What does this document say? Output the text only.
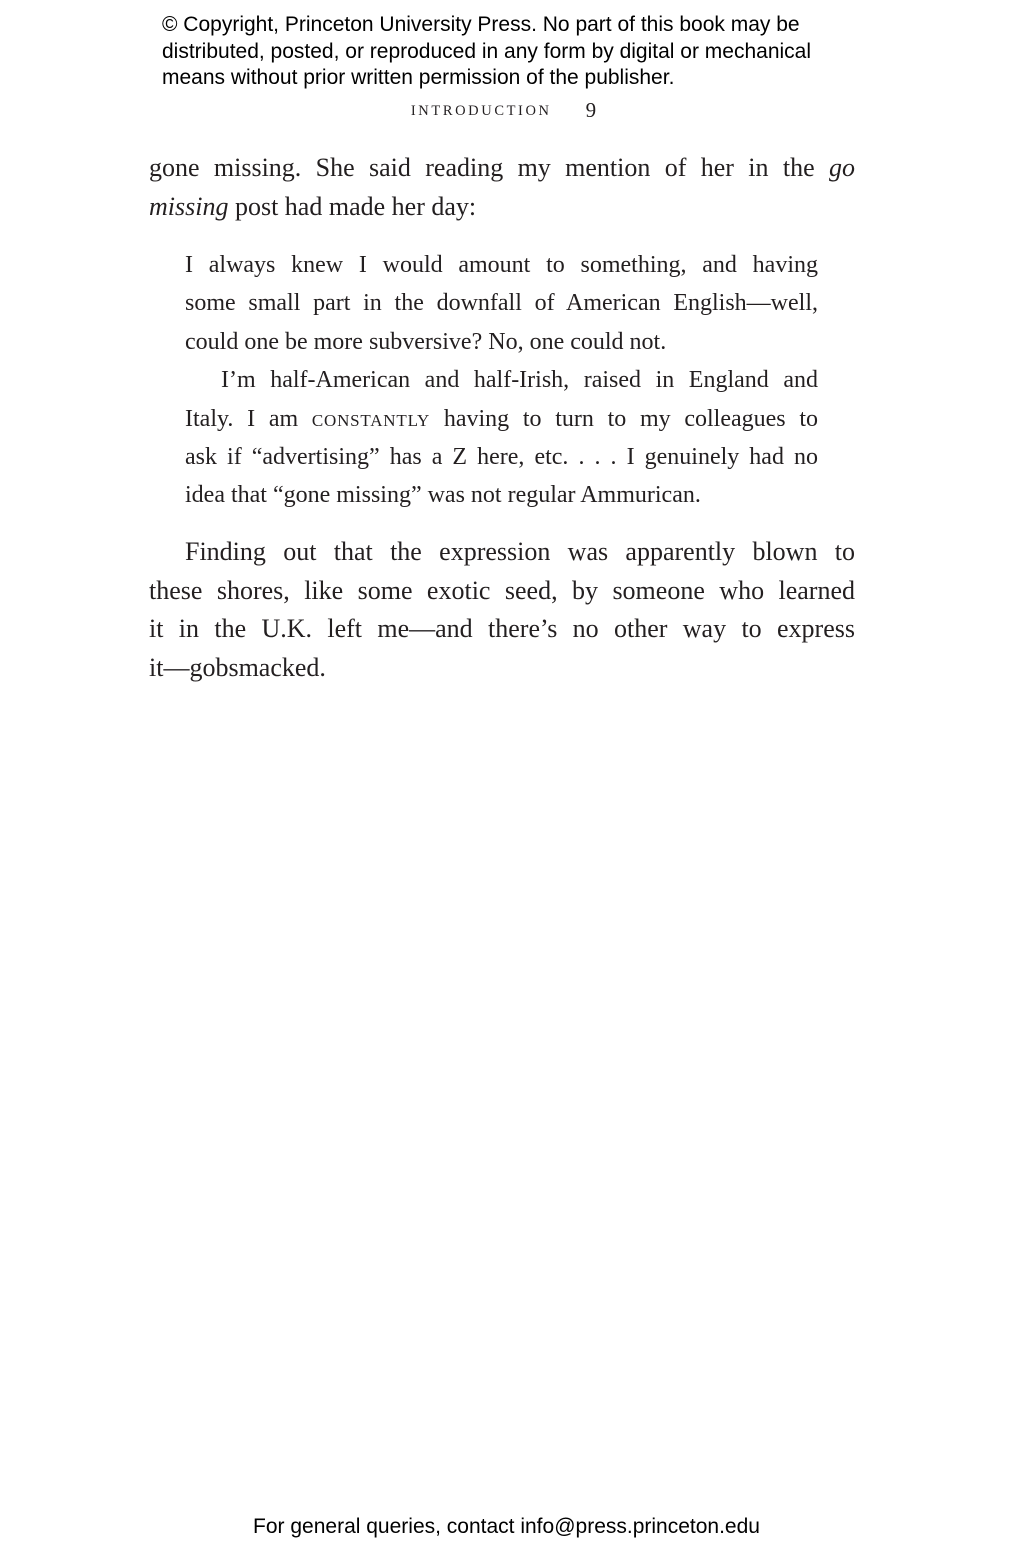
© Copyright, Princeton University Press. No part of this book may be
distributed, posted, or reproduced in any form by digital or mechanical
means without prior written permission of the publisher.
INTRODUCTION 9
gone missing. She said reading my mention of her in the go
missing post had made her day:
I always knew I would amount to something, and having
some small part in the downfall of American English—well,
could one be more subversive? No, one could not.
I’m half-American and half-Irish, raised in England and
Italy. I am constantly having to turn to my colleagues to
ask if “advertising” has a Z here, etc. . . . I genuinely had no
idea that “gone missing” was not regular Ammurican.
Finding out that the expression was apparently blown to
these shores, like some exotic seed, by someone who learned
it in the U.K. left me—and there’s no other way to express
it—gobsmacked.
For general queries, contact info@press.princeton.edu
